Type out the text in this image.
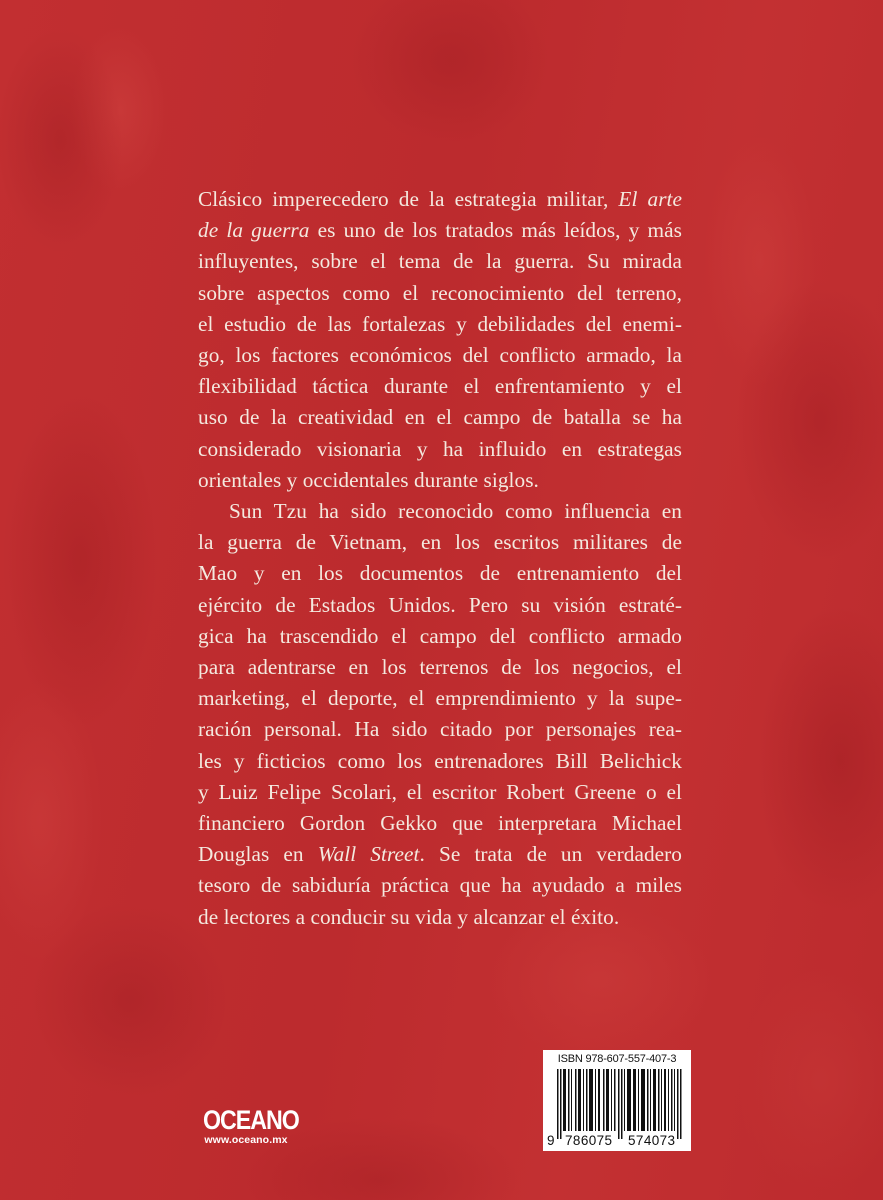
Clásico imperecedero de la estrategia militar, El arte
de la guerra es uno de los tratados más leídos, y más
influyentes, sobre el tema de la guerra. Su mirada
sobre aspectos como el reconocimiento del terreno,
el estudio de las fortalezas y debilidades del enemi-
go, los factores económicos del conflicto armado, la
flexibilidad táctica durante el enfrentamiento y el
uso de la creatividad en el campo de batalla se ha
considerado visionaria y ha influido en estrategas
orientales y occidentales durante siglos.

Sun Tzu ha sido reconocido como influencia en
la guerra de Vietnam, en los escritos militares de
Mao y en los documentos de entrenamiento del
ejército de Estados Unidos. Pero su visión estraté-
gica ha trascendido el campo del conflicto armado
para adentrarse en los terrenos de los negocios, el
marketing, el deporte, el emprendimiento y la supe-
ración personal. Ha sido citado por personajes rea-
les y ficticios como los entrenadores Bill Belichick
y Luiz Felipe Scolari, el escritor Robert Greene o el
financiero Gordon Gekko que interpretara Michael
Douglas en Wall Street. Se trata de un verdadero
tesoro de sabiduría práctica que ha ayudado a miles
de lectores a conducir su vida y alcanzar el éxito.

OCEANO
www.oceano.mx
ISBN 978-607-557-407-3
9 786075 574073
